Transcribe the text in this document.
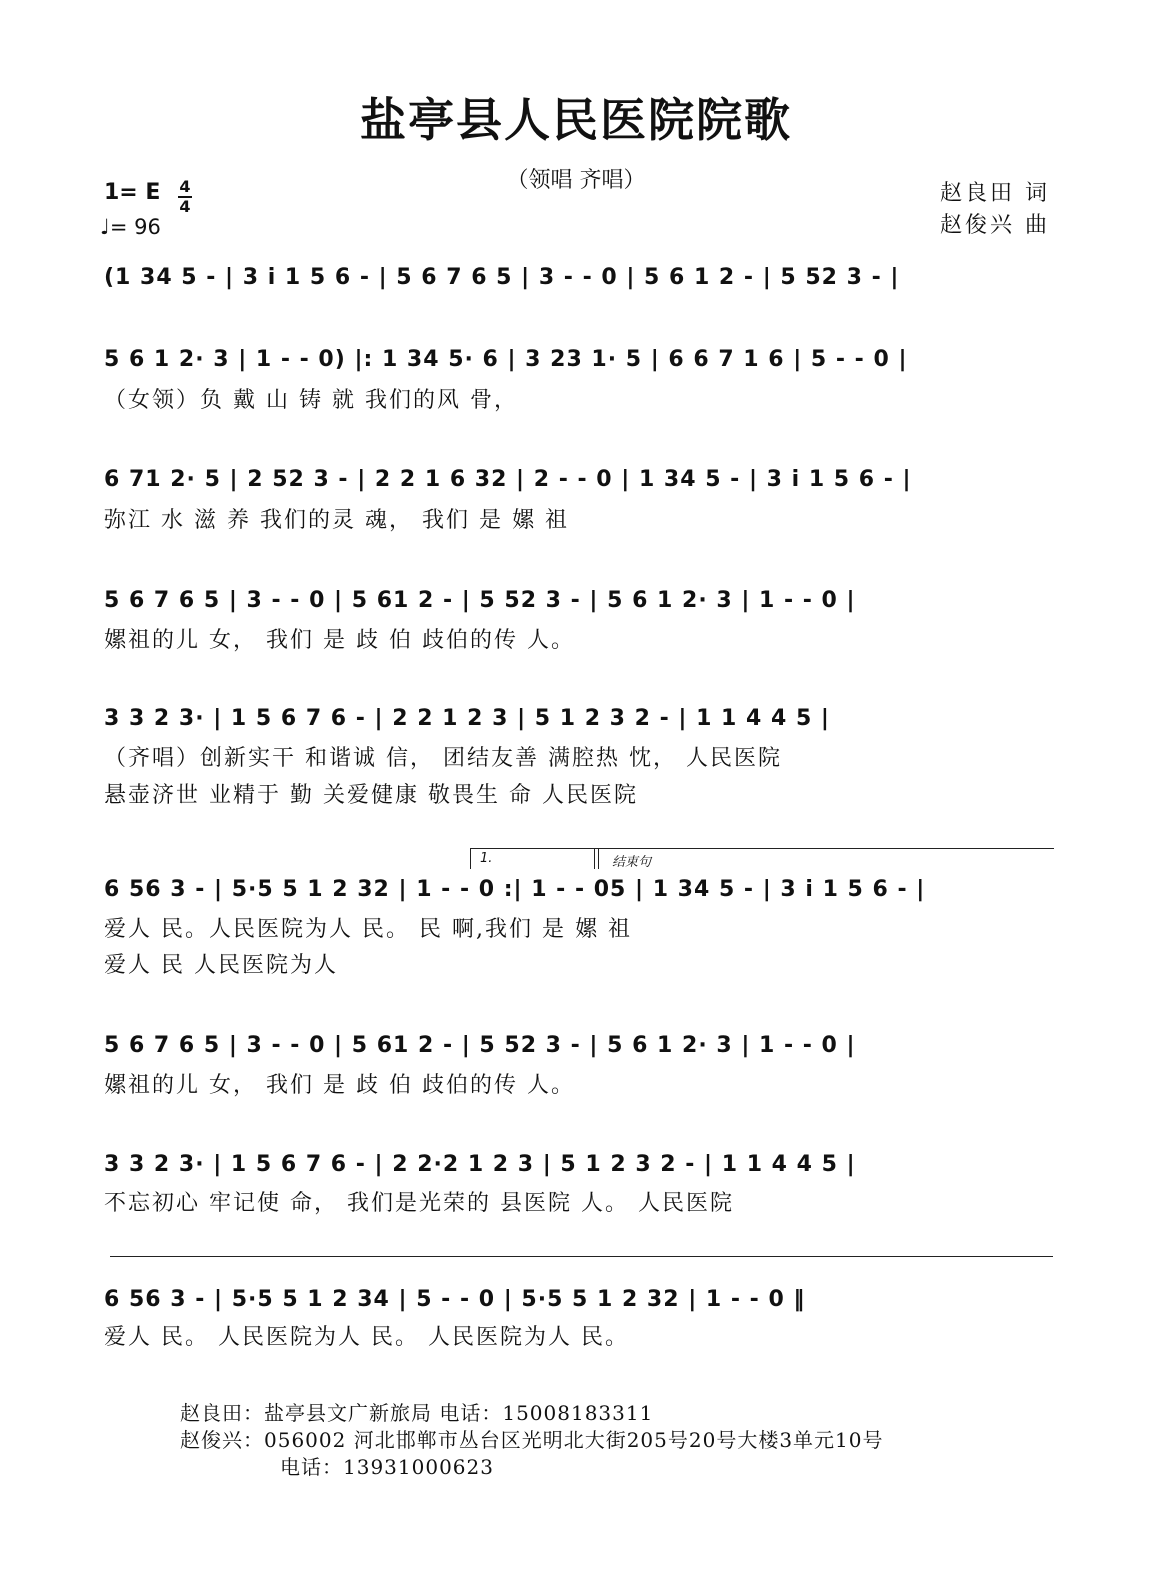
盐亭县人民医院院歌
（领唱 齐唱）
1= E 4
4
♩= 96
赵良田 词
赵俊兴 曲
(1 34 5 - | 3 i 1 5 6 - | 5 6 7 6 5 | 3 - - 0 | 5 6 1 2 - | 5 52 3 - |
5 6 1 2· 3 | 1 - - 0) |: 1 34 5· 6 | 3 23 1· 5 | 6 6 7 1 6 | 5 - - 0 |
（女领）负 戴 山 铸 就 我们的风 骨，
6 71 2· 5 | 2 52 3 - | 2 2 1 6 32 | 2 - - 0 | 1 34 5 - | 3 i 1 5 6 - |
弥江 水 滋 养 我们的灵 魂， 我们 是 嫘 祖
5 6 7 6 5 | 3 - - 0 | 5 61 2 - | 5 52 3 - | 5 6 1 2· 3 | 1 - - 0 |
嫘祖的儿 女， 我们 是 歧 伯 歧伯的传 人。
3 3 2 3· | 1 5 6 7 6 - | 2 2 1 2 3 | 5 1 2 3 2 - | 1 1 4 4 5 |
（齐唱）创新实干 和谐诚 信， 团结友善 满腔热 忱， 人民医院
悬壶济世 业精于 勤 关爱健康 敬畏生 命 人民医院
1.	结束句
6 56 3 - | 5·5 5 1 2 32 | 1 - - 0 :| 1 - - 05 | 1 34 5 - | 3 i 1 5 6 - |
爱人 民。人民医院为人 民。 民 啊,我们 是 嫘 祖
爱人 民 人民医院为人
5 6 7 6 5 | 3 - - 0 | 5 61 2 - | 5 52 3 - | 5 6 1 2· 3 | 1 - - 0 |
嫘祖的儿 女， 我们 是 歧 伯 歧伯的传 人。
3 3 2 3· | 1 5 6 7 6 - | 2 2·2 1 2 3 | 5 1 2 3 2 - | 1 1 4 4 5 |
不忘初心 牢记使 命， 我们是光荣的 县医院 人。 人民医院
6 56 3 - | 5·5 5 1 2 34 | 5 - - 0 | 5·5 5 1 2 32 | 1 - - 0 ‖
爱人 民。 人民医院为人 民。 人民医院为人 民。
赵良田：盐亭县文广新旅局 电话：15008183311
赵俊兴：056002 河北邯郸市丛台区光明北大街205号20号大楼3单元10号
电话：13931000623
